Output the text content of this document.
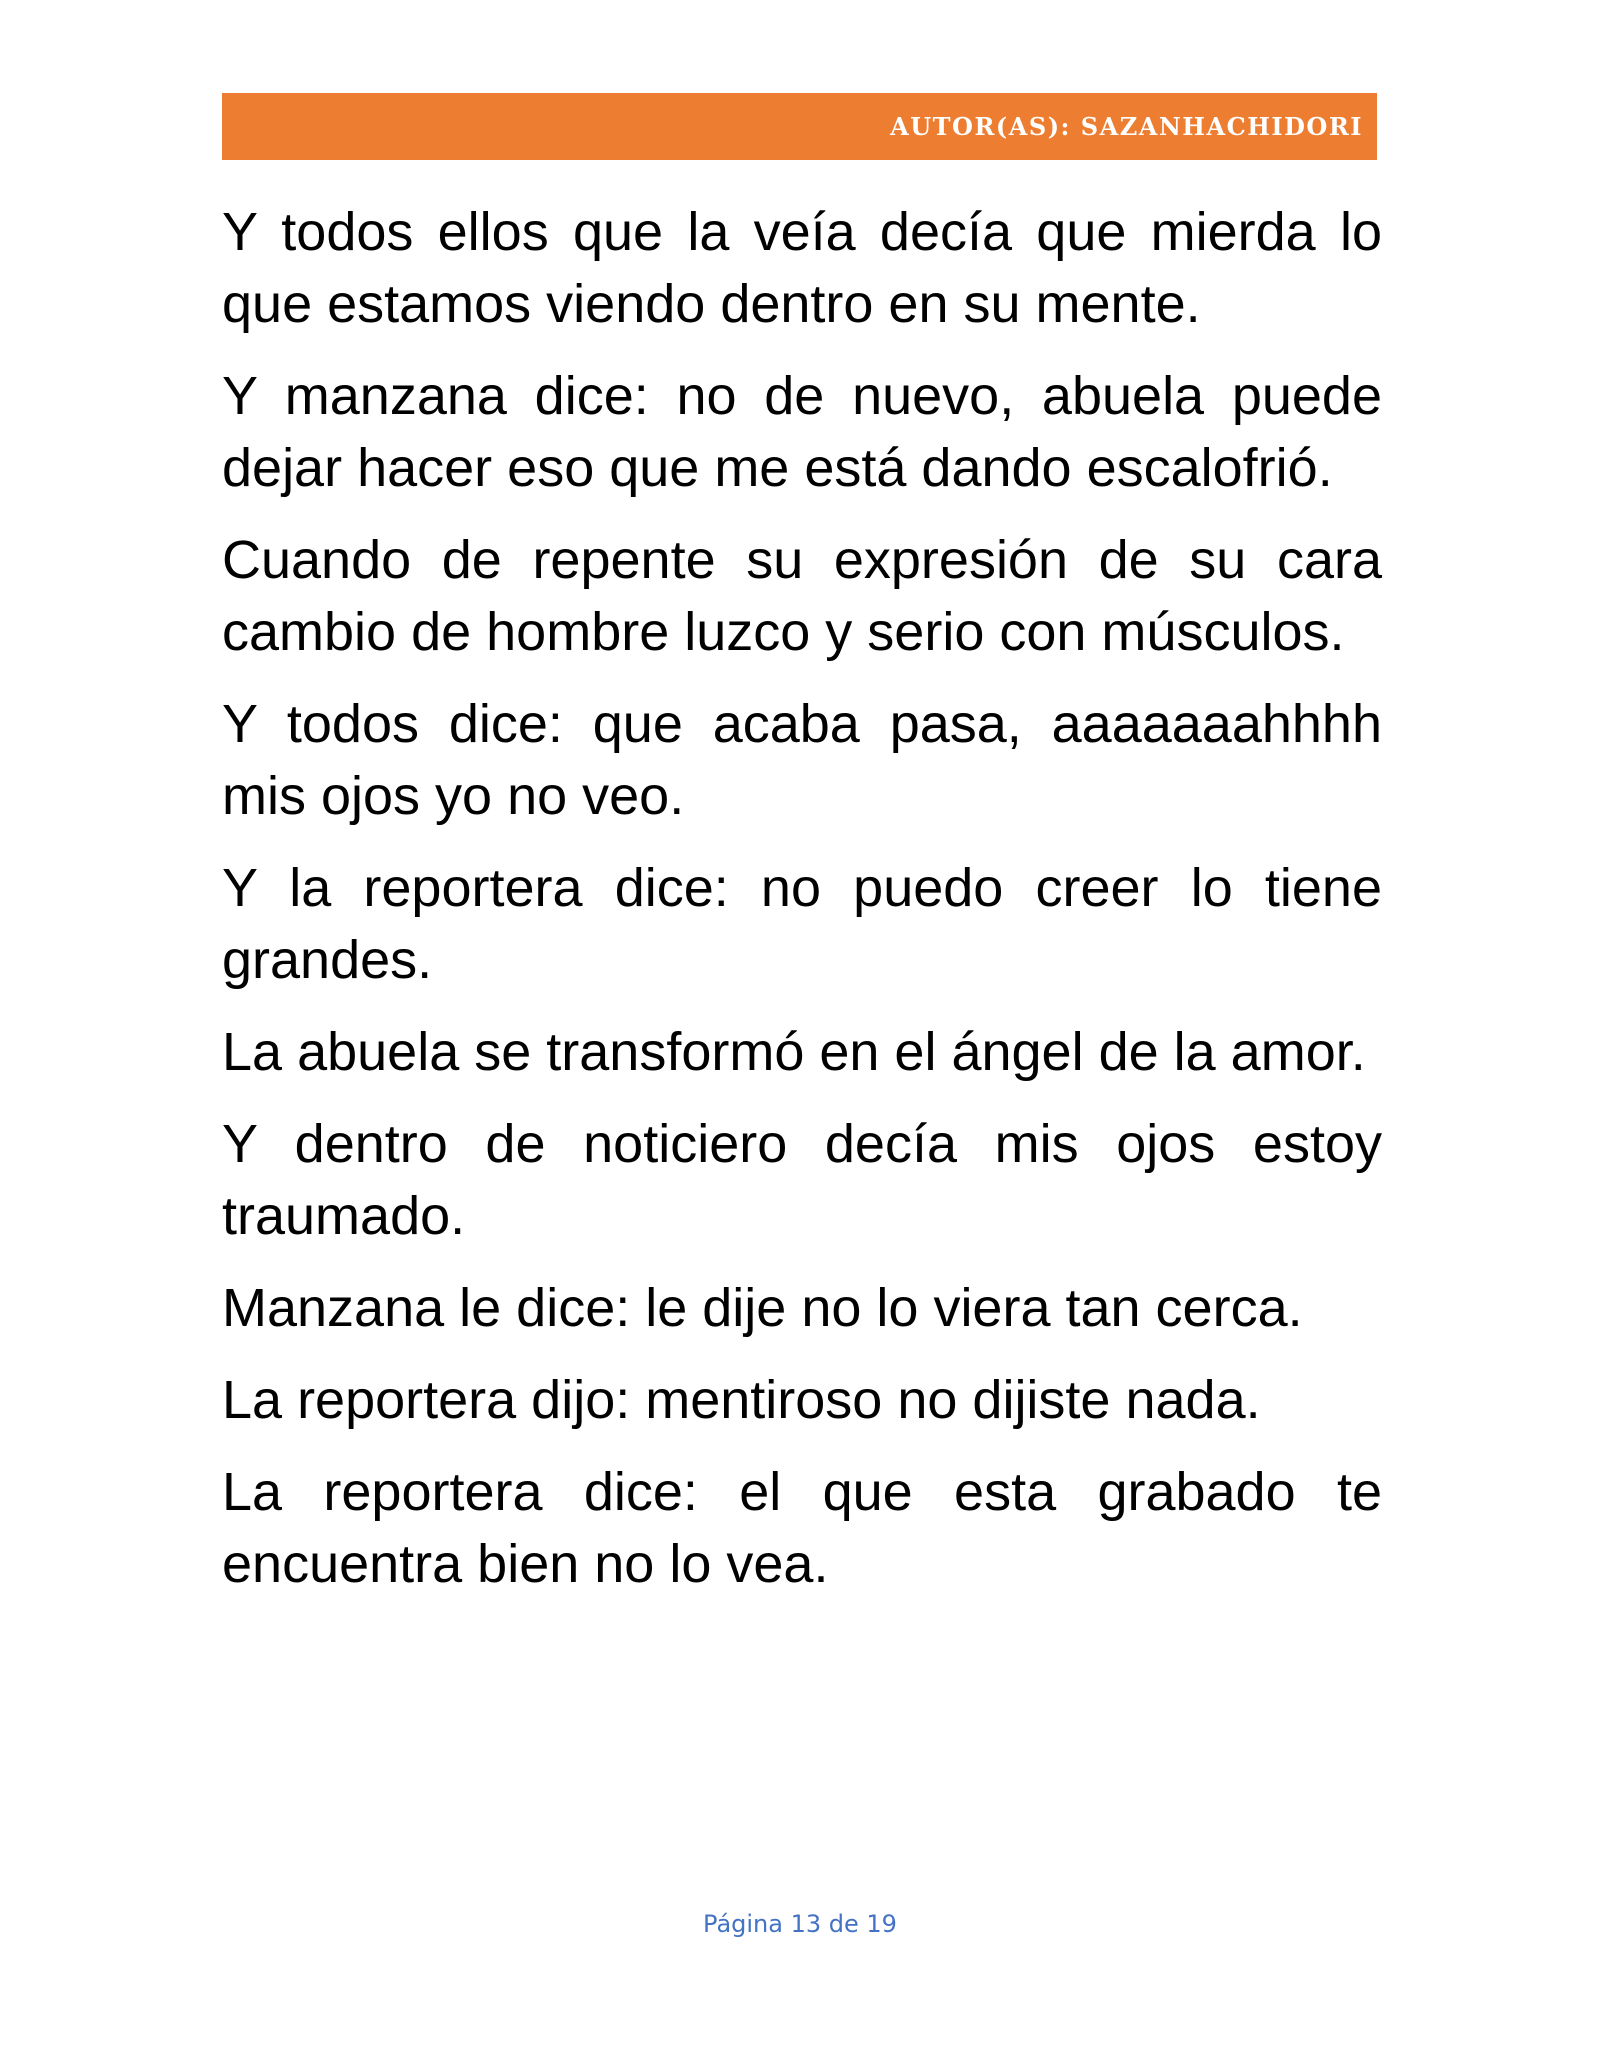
AUTOR(AS): SAZANHACHIDORI

Y todos ellos que la veía decía que mierda lo que estamos viendo dentro en su mente.

Y manzana dice: no de nuevo, abuela puede dejar hacer eso que me está dando escalofrió.

Cuando de repente su expresión de su cara cambio de hombre luzco y serio con músculos.

Y todos dice: que acaba pasa, aaaaaaahhhh mis ojos yo no veo.

Y la reportera dice: no puedo creer lo tiene grandes.

La abuela se transformó en el ángel de la amor.

Y dentro de noticiero decía mis ojos estoy traumado.

Manzana le dice: le dije no lo viera tan cerca.

La reportera dijo: mentiroso no dijiste nada.

La reportera dice: el que esta grabado te encuentra bien no lo vea.

Página 13 de 19
